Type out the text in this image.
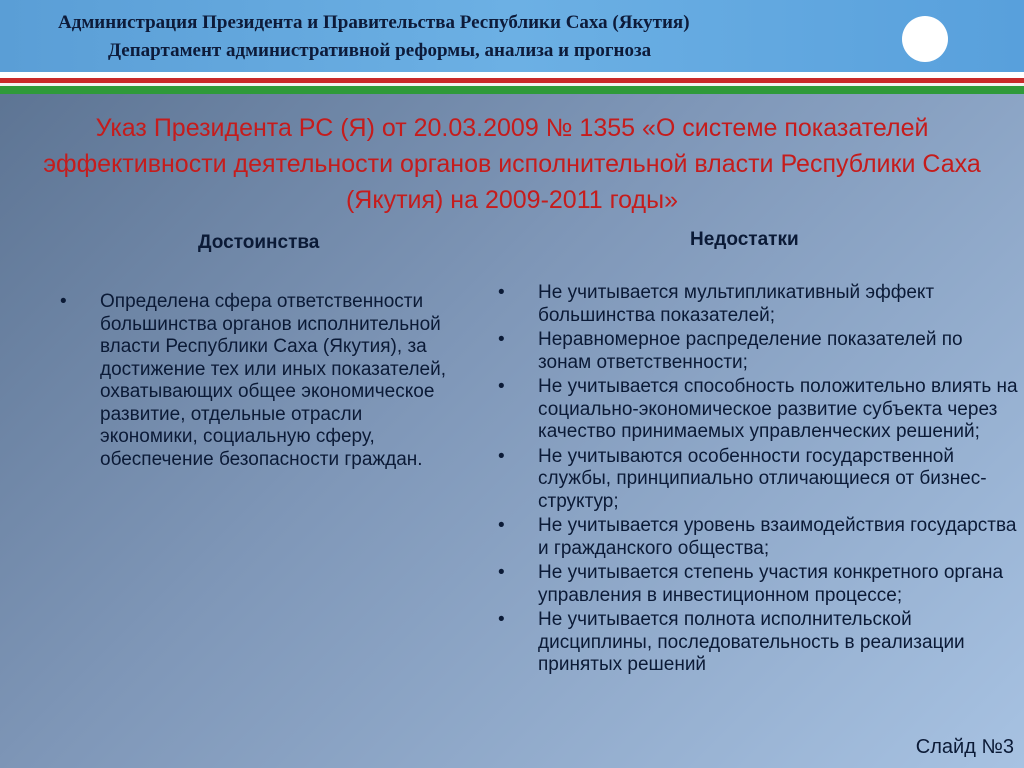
Администрация Президента и Правительства Республики Саха (Якутия)
Департамент административной реформы, анализа и прогноза
Указ Президента РС (Я) от 20.03.2009 № 1355 «О системе показателей эффективности деятельности органов исполнительной власти Республики Саха (Якутия) на 2009-2011 годы»
Достоинства	Недостатки
• Определена сфера ответственности большинства органов исполнительной власти Республики Саха (Якутия), за достижение тех или иных показателей, охватывающих общее экономическое развитие, отдельные отрасли экономики, социальную сферу, обеспечение безопасности граждан.
• Не учитывается мультипликативный эффект большинства показателей;
• Неравномерное распределение показателей по зонам ответственности;
• Не учитывается способность положительно влиять на социально-экономическое развитие субъекта через качество принимаемых управленческих решений;
• Не учитываются особенности государственной службы, принципиально отличающиеся от бизнес-структур;
• Не учитывается уровень взаимодействия государства и гражданского общества;
• Не учитывается степень участия конкретного органа управления в инвестиционном процессе;
• Не учитывается полнота исполнительской дисциплины, последовательность в реализации принятых решений
Слайд №3
